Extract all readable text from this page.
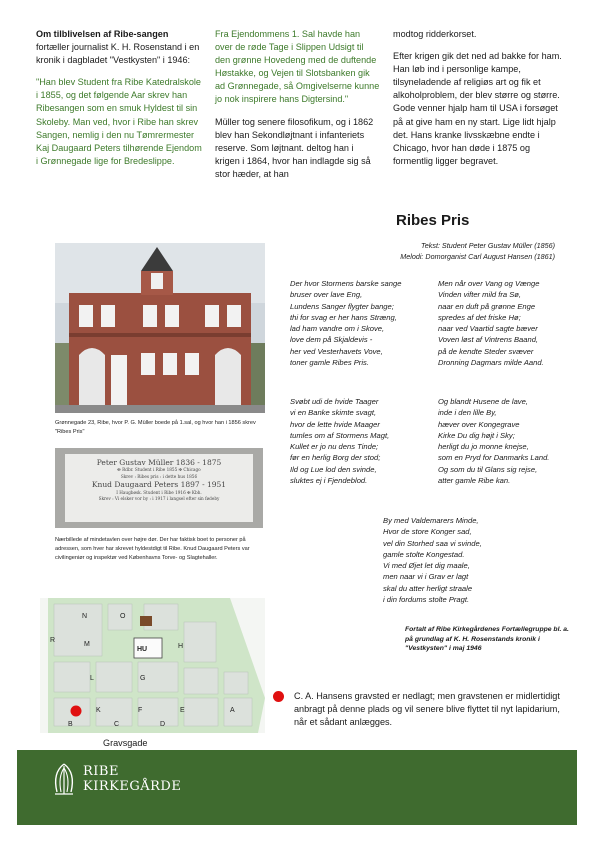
Om tilblivelsen af Ribe-sangen

fortæller journalist K. H. Rosenstand i en kronik i dagbladet "Vestkysten" i 1946:

"Han blev Student fra Ribe Katedralskole i 1855, og det følgende Aar skrev han Ribesangen som en smuk Hyldest til sin Skoleby. Man ved, hvor i Ribe han skrev Sangen, nemlig i den nu Tømrermester Kaj Daugaard Peters tilhørende Ejendom i Grønnegade lige for Bredeslippe.

Fra Ejendommens 1. Sal havde han over de røde Tage i Slippen Udsigt til den grønne Hovedeng med de duftende Høstakke, og Vejen til Slotsbanken gik ad Grønnegade, så Omgivelserne kunne jo nok inspirere hans Digtersind."

Müller tog senere filosofikum, og i 1862 blev han Sekondløjtnant i infanteriets reserve. Som løjtnant. deltog han i krigen i 1864, hvor han indlagde sig så stor hæder, at han

modtog ridderkorset.

Efter krigen gik det ned ad bakke for ham. Han løb ind i personlige kampe, tilsyneladende af religiøs art og fik et alkoholproblem, der blev større og større. Gode venner hjalp ham til USA i forsøget på at give ham en ny start. Lige lidt hjalp det. Hans kranke livsskæbne endte i Chicago, hvor han døde i 1875 og formentlig ligger begravet.

Ribes Pris
Tekst: Student Peter Gustav Müller (1856)
Melodi: Domorganist Carl August Hansen (1861)
Der hvor Stormens barske sange
bruser over lave Eng,
Lundens Sanger flygter bange;
thi for svag er her hans Stræng,
lad ham vandre om i Skove,
love dem på Skjaldevis -
her ved Vesterhavets Vove,
toner gamle Ribes Pris.
Men når over Vang og Vænge
Vinden vifter mild fra Sø,
naar en duft på grønne Enge
spredes af det friske Hø;
naar ved Vaartid sagte bæver
Voven løst af Vintrens Baand,
på de kendte Steder svæver
Dronning Dagmars milde Aand.
Svøbt udi de hvide Taager
vi en Banke skimte svagt,
hvor de lette hvide Maager
tumles om af Stormens Magt,
Kullet er jo nu dens Tinde;
før en herlig Borg der stod;
Ild og Lue lod den svinde,
sluktes ej i Fjendeblod.
Og blandt Husene de lave,
inde i den lille By,
hæver over Kongegrave
Kirke Du dig højt i Sky;
herligt du jo monne knejse,
som en Pryd for Danmarks Land.
Og som du til Glans sig rejse,
atter gamle Ribe kan.
By med Valdemarers Minde,
Hvor de store Konger sad,
vel din Storhed saa vi svinde,
gamle stolte Kongestad.
Vi med Øjet let dig maale,
men naar vi i Grav er lagt
skal du atter herligt straale
i din fordums stolte Pragt.
Fortalt af Ribe Kirkegårdenes Fortællegruppe bl. a. på grundlag af K. H. Rosenstands kronik i "Vestkysten" i maj 1946
Grønnegade 23, Ribe, hvor P. G. Müller boede på 1.sal, og hvor han i 1856 skrev "Ribes Pris"
Peter Gustav Müller 1836 - 1875
✠ Rdbr. Student i Ribe 1855 ✠ Chicago
Skrev : Ribes pris : i dette hus 1856
Knud Daugaard Peters 1897 - 1951
I Haugbøsk. Student i Ribe 1916 ✠ Kbh.
Skrev : Vi elsker vor by : i 1917 i langsel efter sin fødeby
Nærbillede af mindetavlen over højre dør. Der har faktisk boet to personer på adressen, som hver har skrevet hyldestdigt til Ribe. Knud Daugaard Peters var civilingeniør og inspektør ved Københavns Torve- og Slagtehaller.
N	O
M
HU	H
R
L	G
K	F	E	A
B	C	D
Gravsgade
C. A. Hansens gravsted er nedlagt; men gravstenen er midlertidigt anbragt på denne plads og vil senere blive flyttet til nyt lapidarium, når et sådant anlægges.
RIBE
KIRKEGÅRDE
